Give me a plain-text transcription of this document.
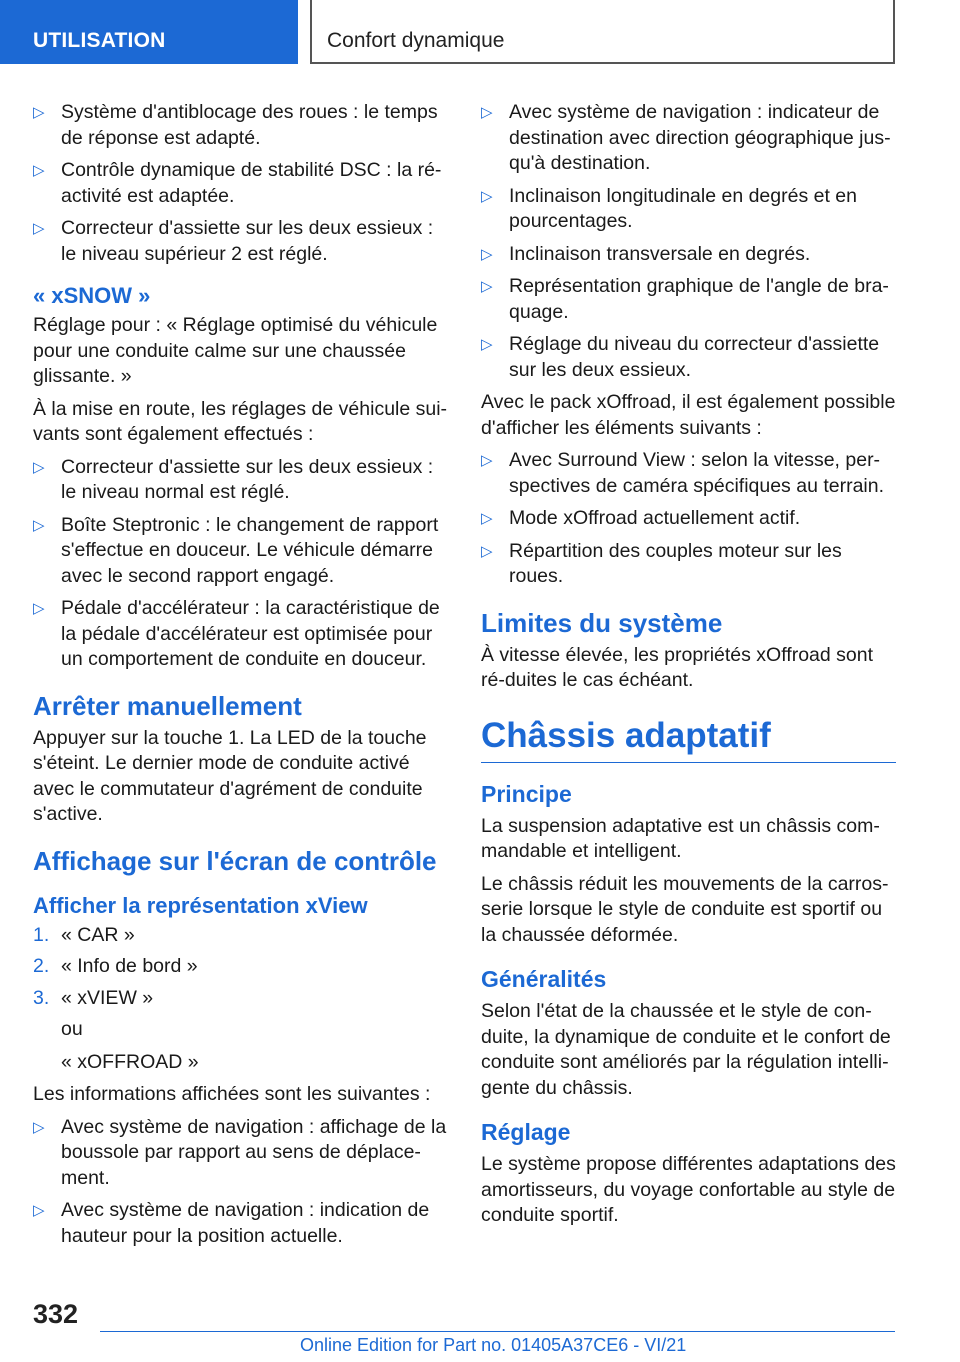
UTILISATION	Confort dynamique
▷ Système d'antiblocage des roues : le temps de réponse est adapté.
▷ Contrôle dynamique de stabilité DSC : la ré‐activité est adaptée.
▷ Correcteur d'assiette sur les deux essieux : le niveau supérieur 2 est réglé.
« xSNOW »

Réglage pour : « Réglage optimisé du véhicule pour une conduite calme sur une chaussée glissante. »

À la mise en route, les réglages de véhicule sui‐vants sont également effectués :

▷ Correcteur d'assiette sur les deux essieux : le niveau normal est réglé.
▷ Boîte Steptronic : le changement de rapport s'effectue en douceur. Le véhicule démarre avec le second rapport engagé.
▷ Pédale d'accélérateur : la caractéristique de la pédale d'accélérateur est optimisée pour un comportement de conduite en douceur.
Arrêter manuellement

Appuyer sur la touche 1. La LED de la touche s'éteint. Le dernier mode de conduite activé avec le commutateur d'agrément de conduite s'active.

Affichage sur l'écran de contrôle
Afficher la représentation xView
1. « CAR »
2. « Info de bord »
3. « xVIEW »

ou

« xOFFROAD »

Les informations affichées sont les suivantes :

▷ Avec système de navigation : affichage de la boussole par rapport au sens de déplace‐ment.
▷ Avec système de navigation : indication de hauteur pour la position actuelle.
▷ Avec système de navigation : indicateur de destination avec direction géographique jus‐qu'à destination.
▷ Inclinaison longitudinale en degrés et en pourcentages.
▷ Inclinaison transversale en degrés.
▷ Représentation graphique de l'angle de bra‐quage.
▷ Réglage du niveau du correcteur d'assiette sur les deux essieux.

Avec le pack xOffroad, il est également possible d'afficher les éléments suivants :

▷ Avec Surround View : selon la vitesse, per‐spectives de caméra spécifiques au terrain.
▷ Mode xOffroad actuellement actif.
▷ Répartition des couples moteur sur les roues.
Limites du système

À vitesse élevée, les propriétés xOffroad sont ré‐duites le cas échéant.

Châssis adaptatif
Principe

La suspension adaptative est un châssis com‐mandable et intelligent.

Le châssis réduit les mouvements de la carros‐serie lorsque le style de conduite est sportif ou la chaussée déformée.

Généralités

Selon l'état de la chaussée et le style de con‐duite, la dynamique de conduite et le confort de conduite sont améliorés par la régulation intelli‐gente du châssis.

Réglage

Le système propose différentes adaptations des amortisseurs, du voyage confortable au style de conduite sportif.

332
Online Edition for Part no. 01405A37CE6 - VI/21
